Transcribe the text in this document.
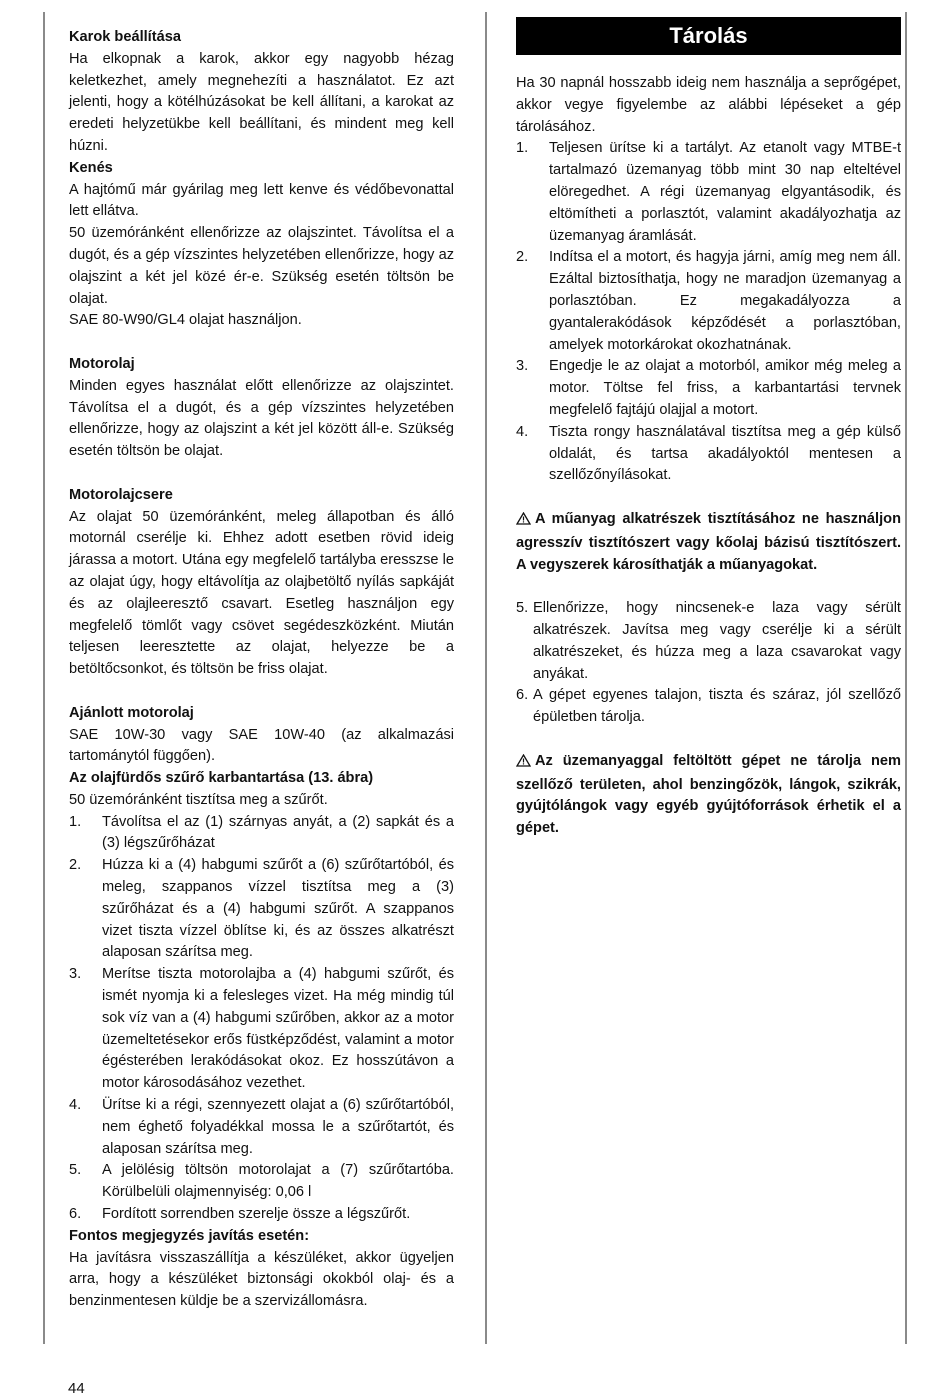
Karok beállítása

Ha elkopnak a karok, akkor egy nagyobb hézag keletkezhet, amely megnehezíti a használatot. Ez azt jelenti, hogy a kötélhúzásokat be kell állítani, a karokat az eredeti helyzetükbe kell beállítani, és mindent meg kell húzni.

Kenés

A hajtómű már gyárilag meg lett kenve és védőbevonattal lett ellátva.

50 üzemóránként ellenőrizze az olajszintet. Távolítsa el a dugót, és a gép vízszintes helyzetében ellenőrizze, hogy az olajszint a két jel közé ér-e. Szükség esetén töltsön be olajat.

SAE 80-W90/GL4 olajat használjon.

Motorolaj

Minden egyes használat előtt ellenőrizze az olajszintet. Távolítsa el a dugót, és a gép vízszintes helyzetében ellenőrizze, hogy az olajszint a két jel között áll-e. Szükség esetén töltsön be olajat.

Motorolajcsere

Az olajat 50 üzemóránként, meleg állapotban és álló motornál cserélje ki. Ehhez adott esetben rövid ideig járassa a motort. Utána egy megfelelő tartályba eresszse le az olajat úgy, hogy eltávolítja az olajbetöltő nyílás sapkáját és az olajleeresztő csavart. Esetleg használjon egy megfelelő tömlőt vagy csövet segédeszközként. Miután teljesen leeresztette az olajat, helyezze be a betöltőcsonkot, és töltsön be friss olajat.

Ajánlott motorolaj

SAE 10W-30 vagy SAE 10W-40 (az alkalmazási tartománytól függően).

Az olajfürdős szűrő karbantartása (13. ábra)

50 üzemóránként tisztítsa meg a szűrőt.

1. Távolítsa el az (1) szárnyas anyát, a (2) sapkát és a (3) légszűrőházat
2. Húzza ki a (4) habgumi szűrőt a (6) szűrőtartóból, és meleg, szappanos vízzel tisztítsa meg a (3) szűrőházat és a (4) habgumi szűrőt. A szappanos vizet tiszta vízzel öblítse ki, és az összes alkatrészt alaposan szárítsa meg.
3. Merítse tiszta motorolajba a (4) habgumi szűrőt, és ismét nyomja ki a felesleges vizet. Ha még mindig túl sok víz van a (4) habgumi szűrőben, akkor az a motor üzemeltetésekor erős füstképződést, valamint a motor égésterében lerakódásokat okoz. Ez hosszútávon a motor károsodásához vezethet.
4. Ürítse ki a régi, szennyezett olajat a (6) szűrőtartóból, nem éghető folyadékkal mossa le a szűrőtartót, és alaposan szárítsa meg.
5. A jelölésig töltsön motorolajat a (7) szűrőtartóba. Körülbelüli olajmennyiség: 0,06 l
6. Fordított sorrendben szerelje össze a légszűrőt.

Fontos megjegyzés javítás esetén:

Ha javításra visszaszállítja a készüléket, akkor ügyeljen arra, hogy a készüléket biztonsági okokból olaj- és a benzinmentesen küldje be a szervizállomásra.

Tárolás

Ha 30 napnál hosszabb ideig nem használja a seprőgépet, akkor vegye figyelembe az alábbi lépéseket a gép tárolásához.

1. Teljesen ürítse ki a tartályt. Az etanolt vagy MTBE-t tartalmazó üzemanyag több mint 30 nap elteltével elöregedhet. A régi üzemanyag elgyantásodik, és eltömítheti a porlasztót, valamint akadályozhatja az üzemanyag áramlását.
2. Indítsa el a motort, és hagyja járni, amíg meg nem áll. Ezáltal biztosíthatja, hogy ne maradjon üzemanyag a porlasztóban. Ez megakadályozza a gyantalerakódások képződését a porlasztóban, amelyek motorkárokat okozhatnának.
3. Engedje le az olajat a motorból, amikor még meleg a motor. Töltse fel friss, a karbantartási tervnek megfelelő fajtájú olajjal a motort.
4. Tiszta rongy használatával tisztítsa meg a gép külső oldalát, és tartsa akadályoktól mentesen a szellőzőnyílásokat.

A műanyag alkatrészek tisztításához ne használjon agresszív tisztítószert vagy kőolaj bázisú tisztítószert. A vegyszerek károsíthatják a műanyagokat.

5. Ellenőrizze, hogy nincsenek-e laza vagy sérült alkatrészek. Javítsa meg vagy cserélje ki a sérült alkatrészeket, és húzza meg a laza csavarokat vagy anyákat.
6. A gépet egyenes talajon, tiszta és száraz, jól szellőző épületben tárolja.

Az üzemanyaggal feltöltött gépet ne tárolja nem szellőző területen, ahol benzingőzök, lángok, szikrák, gyújtólángok vagy egyéb gyújtóforrások érhetik el a gépet.

44
